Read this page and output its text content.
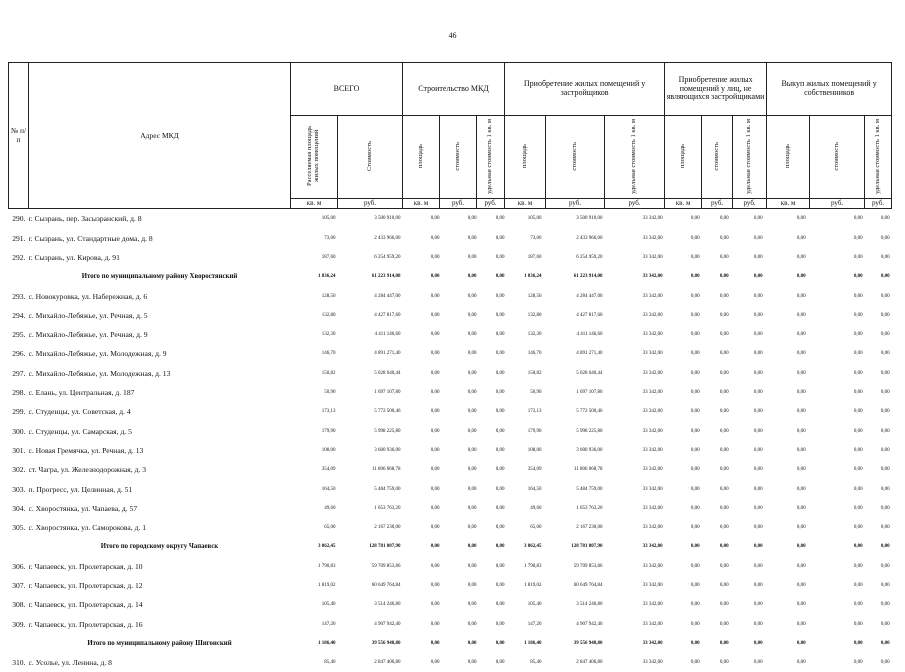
46
№ п/п	Адрес МКД	ВСЕГО		Строительство МКД			Приобретение жилых помещений у застройщиков			Приобретение жилых помещений у лиц, не являющихся застройщиками			Выкуп жилых помещений у собственников		
		Расселяемая площадь жилых помещений	Стоимость	площадь	стоимость	удельная стоимость 1 кв. м	площадь	стоимость	удельная стоимость 1 кв. м	площадь	стоимость	удельная стоимость 1 кв. м	площадь	стоимость	удельная стоимость 1 кв. м
		кв. м	руб.	кв. м	руб.	руб.	кв. м	руб.	руб.	кв. м	руб.	руб.	кв. м	руб.	руб.
290.	г. Сызрань, пер. Засызранский, д. 8	105,00	3 500 910,00	0,00	0,00	0,00	105,00	3 500 910,00	33 342,00	0,00	0,00	0,00	0,00	0,00	0,00
291.	г. Сызрань, ул. Стандартные дома, д. 8	73,00	2 433 966,00	0,00	0,00	0,00	73,00	2 433 966,00	33 342,00	0,00	0,00	0,00	0,00	0,00	0,00
292.	г. Сызрань, ул. Кирова, д. 91	187,60	6 254 959,20	0,00	0,00	0,00	187,60	6 254 959,20	33 342,00	0,00	0,00	0,00	0,00	0,00	0,00
	Итого по муниципальному району Хворостянский	1 836,24	61 223 914,08	0,00	0,00	0,00	1 836,24	61 223 914,08	33 342,00	0,00	0,00	0,00	0,00	0,00	0,00
293.	с. Новокуровка, ул. Набережная, д. 6	128,50	4 284 447,00	0,00	0,00	0,00	128,50	4 284 447,00	33 342,00	0,00	0,00	0,00	0,00	0,00	0,00
294.	с. Михайло-Лебяжье, ул. Речная, д. 5	132,80	4 427 817,60	0,00	0,00	0,00	132,80	4 427 817,60	33 342,00	0,00	0,00	0,00	0,00	0,00	0,00
295.	с. Михайло-Лебяжье, ул. Речная, д. 9	132,30	4 411 146,60	0,00	0,00	0,00	132,30	4 411 146,60	33 342,00	0,00	0,00	0,00	0,00	0,00	0,00
296.	с. Михайло-Лебяжье, ул. Молодежная, д. 9	146,70	4 891 271,40	0,00	0,00	0,00	146,70	4 891 271,40	33 342,00	0,00	0,00	0,00	0,00	0,00	0,00
297.	с. Михайло-Лебяжье, ул. Молодежная, д. 13	150,82	5 028 640,44	0,00	0,00	0,00	150,82	5 028 640,44	33 342,00	0,00	0,00	0,00	0,00	0,00	0,00
298.	с. Елань, ул. Центральная, д. 187	50,90	1 697 107,80	0,00	0,00	0,00	50,90	1 697 107,80	33 342,00	0,00	0,00	0,00	0,00	0,00	0,00
299.	с. Студенцы, ул. Советская, д. 4	173,13	5 772 500,46	0,00	0,00	0,00	173,13	5 772 500,46	33 342,00	0,00	0,00	0,00	0,00	0,00	0,00
300.	с. Студенцы, ул. Самарская, д. 5	179,90	5 998 225,80	0,00	0,00	0,00	179,90	5 998 225,80	33 342,00	0,00	0,00	0,00	0,00	0,00	0,00
301.	с. Новая Гремячка, ул. Речная, д. 13	108,00	3 600 936,00	0,00	0,00	0,00	108,00	3 600 936,00	33 342,00	0,00	0,00	0,00	0,00	0,00	0,00
302.	ст. Чагра, ул. Железнодорожная, д. 3	354,09	11 806 068,78	0,00	0,00	0,00	354,09	11 806 068,78	33 342,00	0,00	0,00	0,00	0,00	0,00	0,00
303.	п. Прогресс, ул. Целинная, д. 51	164,50	5 484 759,00	0,00	0,00	0,00	164,50	5 484 759,00	33 342,00	0,00	0,00	0,00	0,00	0,00	0,00
304.	с. Хворостянка, ул. Чапаева, д. 57	49,60	1 653 763,20	0,00	0,00	0,00	49,60	1 653 763,20	33 342,00	0,00	0,00	0,00	0,00	0,00	0,00
305.	с. Хворостянка, ул. Саморокова, д. 1	65,00	2 167 230,00	0,00	0,00	0,00	65,00	2 167 230,00	33 342,00	0,00	0,00	0,00	0,00	0,00	0,00
	Итого по городскому округу Чапаевск	3 862,45	128 781 807,90	0,00	0,00	0,00	3 862,45	128 781 807,90	33 342,00	0,00	0,00	0,00	0,00	0,00	0,00
306.	г. Чапаевск, ул. Пролетарская, д. 10	1 790,83	59 709 853,86	0,00	0,00	0,00	1 790,83	59 709 853,86	33 342,00	0,00	0,00	0,00	0,00	0,00	0,00
307.	г. Чапаевск, ул. Пролетарская, д. 12	1 819,02	60 649 764,84	0,00	0,00	0,00	1 819,02	60 649 764,84	33 342,00	0,00	0,00	0,00	0,00	0,00	0,00
308.	г. Чапаевск, ул. Пролетарская, д. 14	105,40	3 514 246,80	0,00	0,00	0,00	105,40	3 514 246,80	33 342,00	0,00	0,00	0,00	0,00	0,00	0,00
309.	г. Чапаевск, ул. Пролетарская, д. 16	147,20	4 907 942,40	0,00	0,00	0,00	147,20	4 907 942,40	33 342,00	0,00	0,00	0,00	0,00	0,00	0,00
	Итого по муниципальному району Шигонский	1 186,40	39 556 948,80	0,00	0,00	0,00	1 186,40	39 556 948,80	33 342,00	0,00	0,00	0,00	0,00	0,00	0,00
310.	с. Усолье, ул. Ленина, д. 8	85,40	2 847 406,80	0,00	0,00	0,00	85,40	2 847 406,80	33 342,00	0,00	0,00	0,00	0,00	0,00	0,00
